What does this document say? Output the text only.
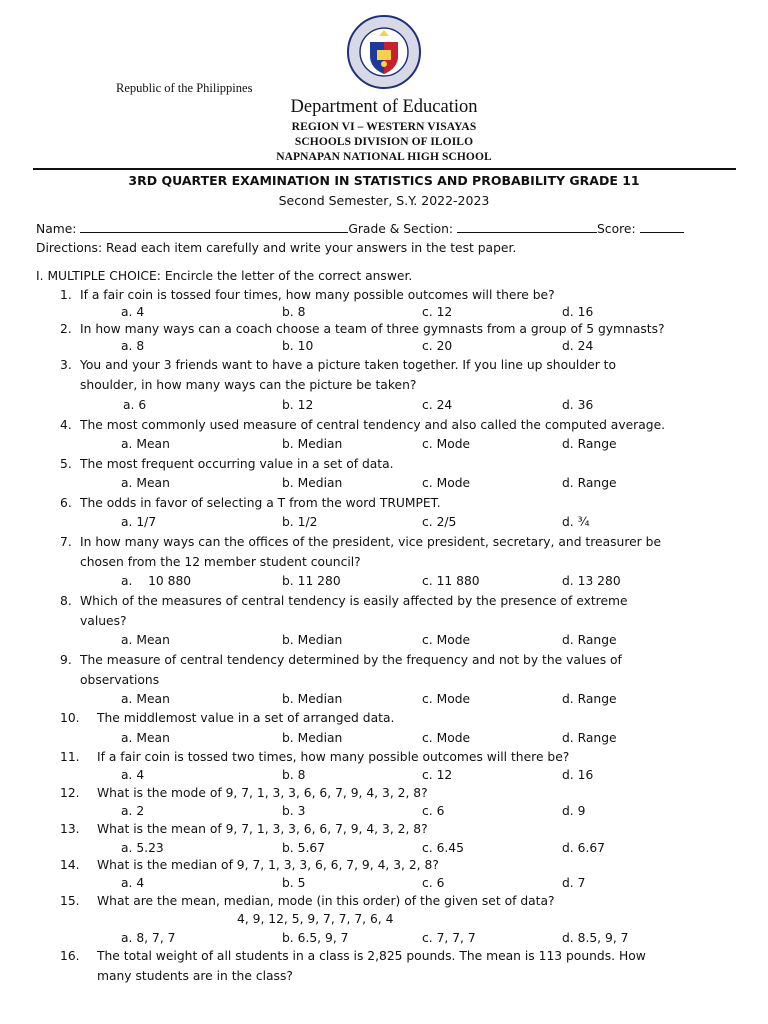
Republic of the Philippines
Department of Education
REGION VI – WESTERN VISAYAS
SCHOOLS DIVISION OF ILOILO
NAPNAPAN NATIONAL HIGH SCHOOL
3RD QUARTER EXAMINATION IN STATISTICS AND PROBABILITY GRADE 11
Second Semester, S.Y. 2022-2023
Name:	Grade & Section:	Score:
Directions: Read each item carefully and write your answers in the test paper.
I. MULTIPLE CHOICE: Encircle the letter of the correct answer.
1. If a fair coin is tossed four times, how many possible outcomes will there be?
a. 4	b. 8	c. 12	d. 16
2. In how many ways can a coach choose a team of three gymnasts from a group of 5 gymnasts?
a. 8	b. 10	c. 20	d. 24
3. You and your 3 friends want to have a picture taken together. If you line up shoulder to
shoulder, in how many ways can the picture be taken?
a. 6	b. 12	c. 24	d. 36
4. The most commonly used measure of central tendency and also called the computed average.
a. Mean	b. Median	c. Mode	d. Range
5. The most frequent occurring value in a set of data.
a. Mean	b. Median	c. Mode	d. Range
6. The odds in favor of selecting a T from the word TRUMPET.
a. 1/7	b. 1/2	c. 2/5	d. ¾
7. In how many ways can the offices of the president, vice president, secretary, and treasurer be
chosen from the 12 member student council?
a.    10 880	b. 11 280	c. 11 880	d. 13 280
8. Which of the measures of central tendency is easily affected by the presence of extreme
values?
a. Mean	b. Median	c. Mode	d. Range
9. The measure of central tendency determined by the frequency and not by the values of
observations
a. Mean	b. Median	c. Mode	d. Range
10. The middlemost value in a set of arranged data.
a. Mean	b. Median	c. Mode	d. Range
11. If a fair coin is tossed two times, how many possible outcomes will there be?
a. 4	b. 8	c. 12	d. 16
12. What is the mode of 9, 7, 1, 3, 3, 6, 6, 7, 9, 4, 3, 2, 8?
a. 2	b. 3	c. 6	d. 9
13. What is the mean of 9, 7, 1, 3, 3, 6, 6, 7, 9, 4, 3, 2, 8?
a. 5.23	b. 5.67	c. 6.45	d. 6.67
14. What is the median of 9, 7, 1, 3, 3, 6, 6, 7, 9, 4, 3, 2, 8?
a. 4	b. 5	c. 6	d. 7
15. What are the mean, median, mode (in this order) of the given set of data?
4, 9, 12, 5, 9, 7, 7, 7, 6, 4
a. 8, 7, 7	b. 6.5, 9, 7	c. 7, 7, 7	d. 8.5, 9, 7
16. The total weight of all students in a class is 2,825 pounds. The mean is 113 pounds. How
many students are in the class?
